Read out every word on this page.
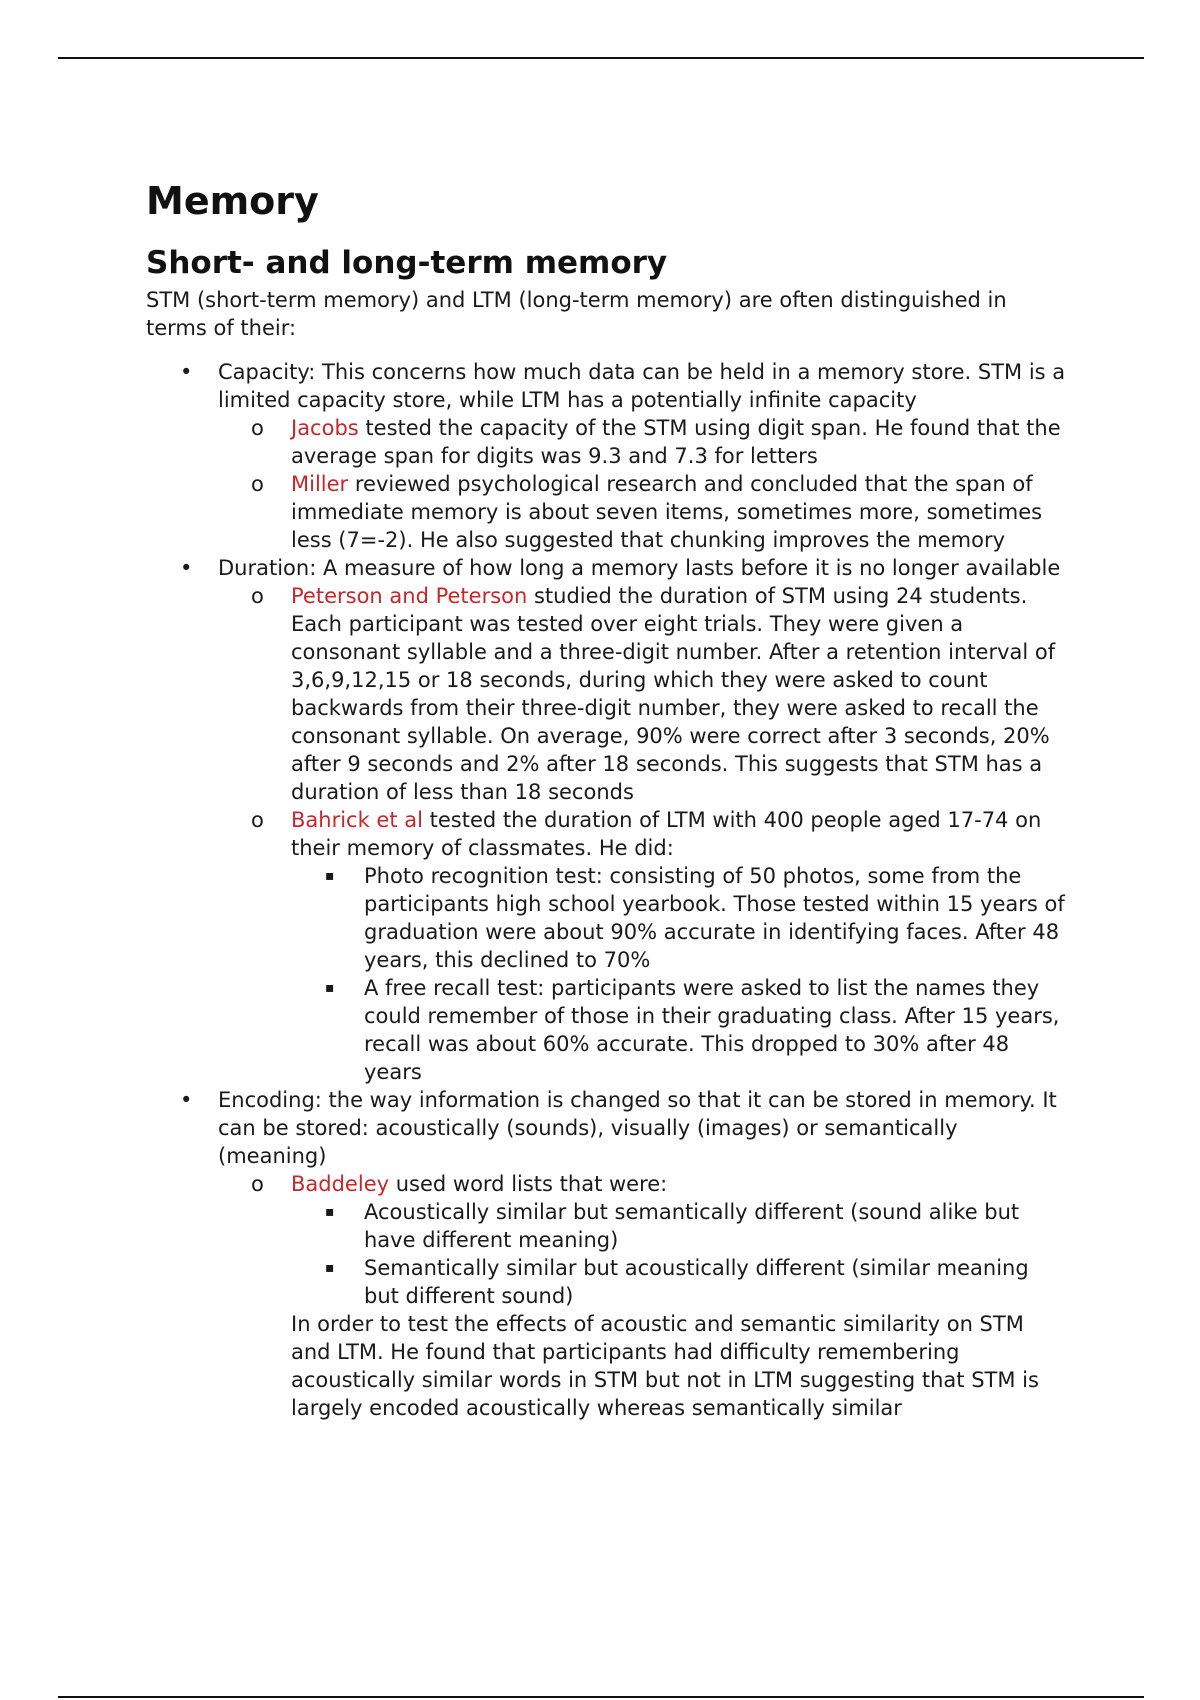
Memory
Short- and long-term memory

STM (short-term memory) and LTM (long-term memory) are often distinguished in terms of their:

• Capacity: This concerns how much data can be held in a memory store. STM is a limited capacity store, while LTM has a potentially infinite capacity
o Jacobs tested the capacity of the STM using digit span. He found that the average span for digits was 9.3 and 7.3 for letters
o Miller reviewed psychological research and concluded that the span of immediate memory is about seven items, sometimes more, sometimes less (7=-2). He also suggested that chunking improves the memory
• Duration: A measure of how long a memory lasts before it is no longer available
o Peterson and Peterson studied the duration of STM using 24 students. Each participant was tested over eight trials. They were given a consonant syllable and a three-digit number. After a retention interval of 3,6,9,12,15 or 18 seconds, during which they were asked to count backwards from their three-digit number, they were asked to recall the consonant syllable. On average, 90% were correct after 3 seconds, 20% after 9 seconds and 2% after 18 seconds. This suggests that STM has a duration of less than 18 seconds
o Bahrick et al tested the duration of LTM with 400 people aged 17-74 on their memory of classmates. He did:
▪ Photo recognition test: consisting of 50 photos, some from the participants high school yearbook. Those tested within 15 years of graduation were about 90% accurate in identifying faces. After 48 years, this declined to 70%
▪ A free recall test: participants were asked to list the names they could remember of those in their graduating class. After 15 years, recall was about 60% accurate. This dropped to 30% after 48 years
• Encoding: the way information is changed so that it can be stored in memory. It can be stored: acoustically (sounds), visually (images) or semantically (meaning)
o Baddeley used word lists that were:
▪ Acoustically similar but semantically different (sound alike but have different meaning)
▪ Semantically similar but acoustically different (similar meaning but different sound)

In order to test the effects of acoustic and semantic similarity on STM and LTM. He found that participants had difficulty remembering acoustically similar words in STM but not in LTM suggesting that STM is largely encoded acoustically whereas semantically similar
